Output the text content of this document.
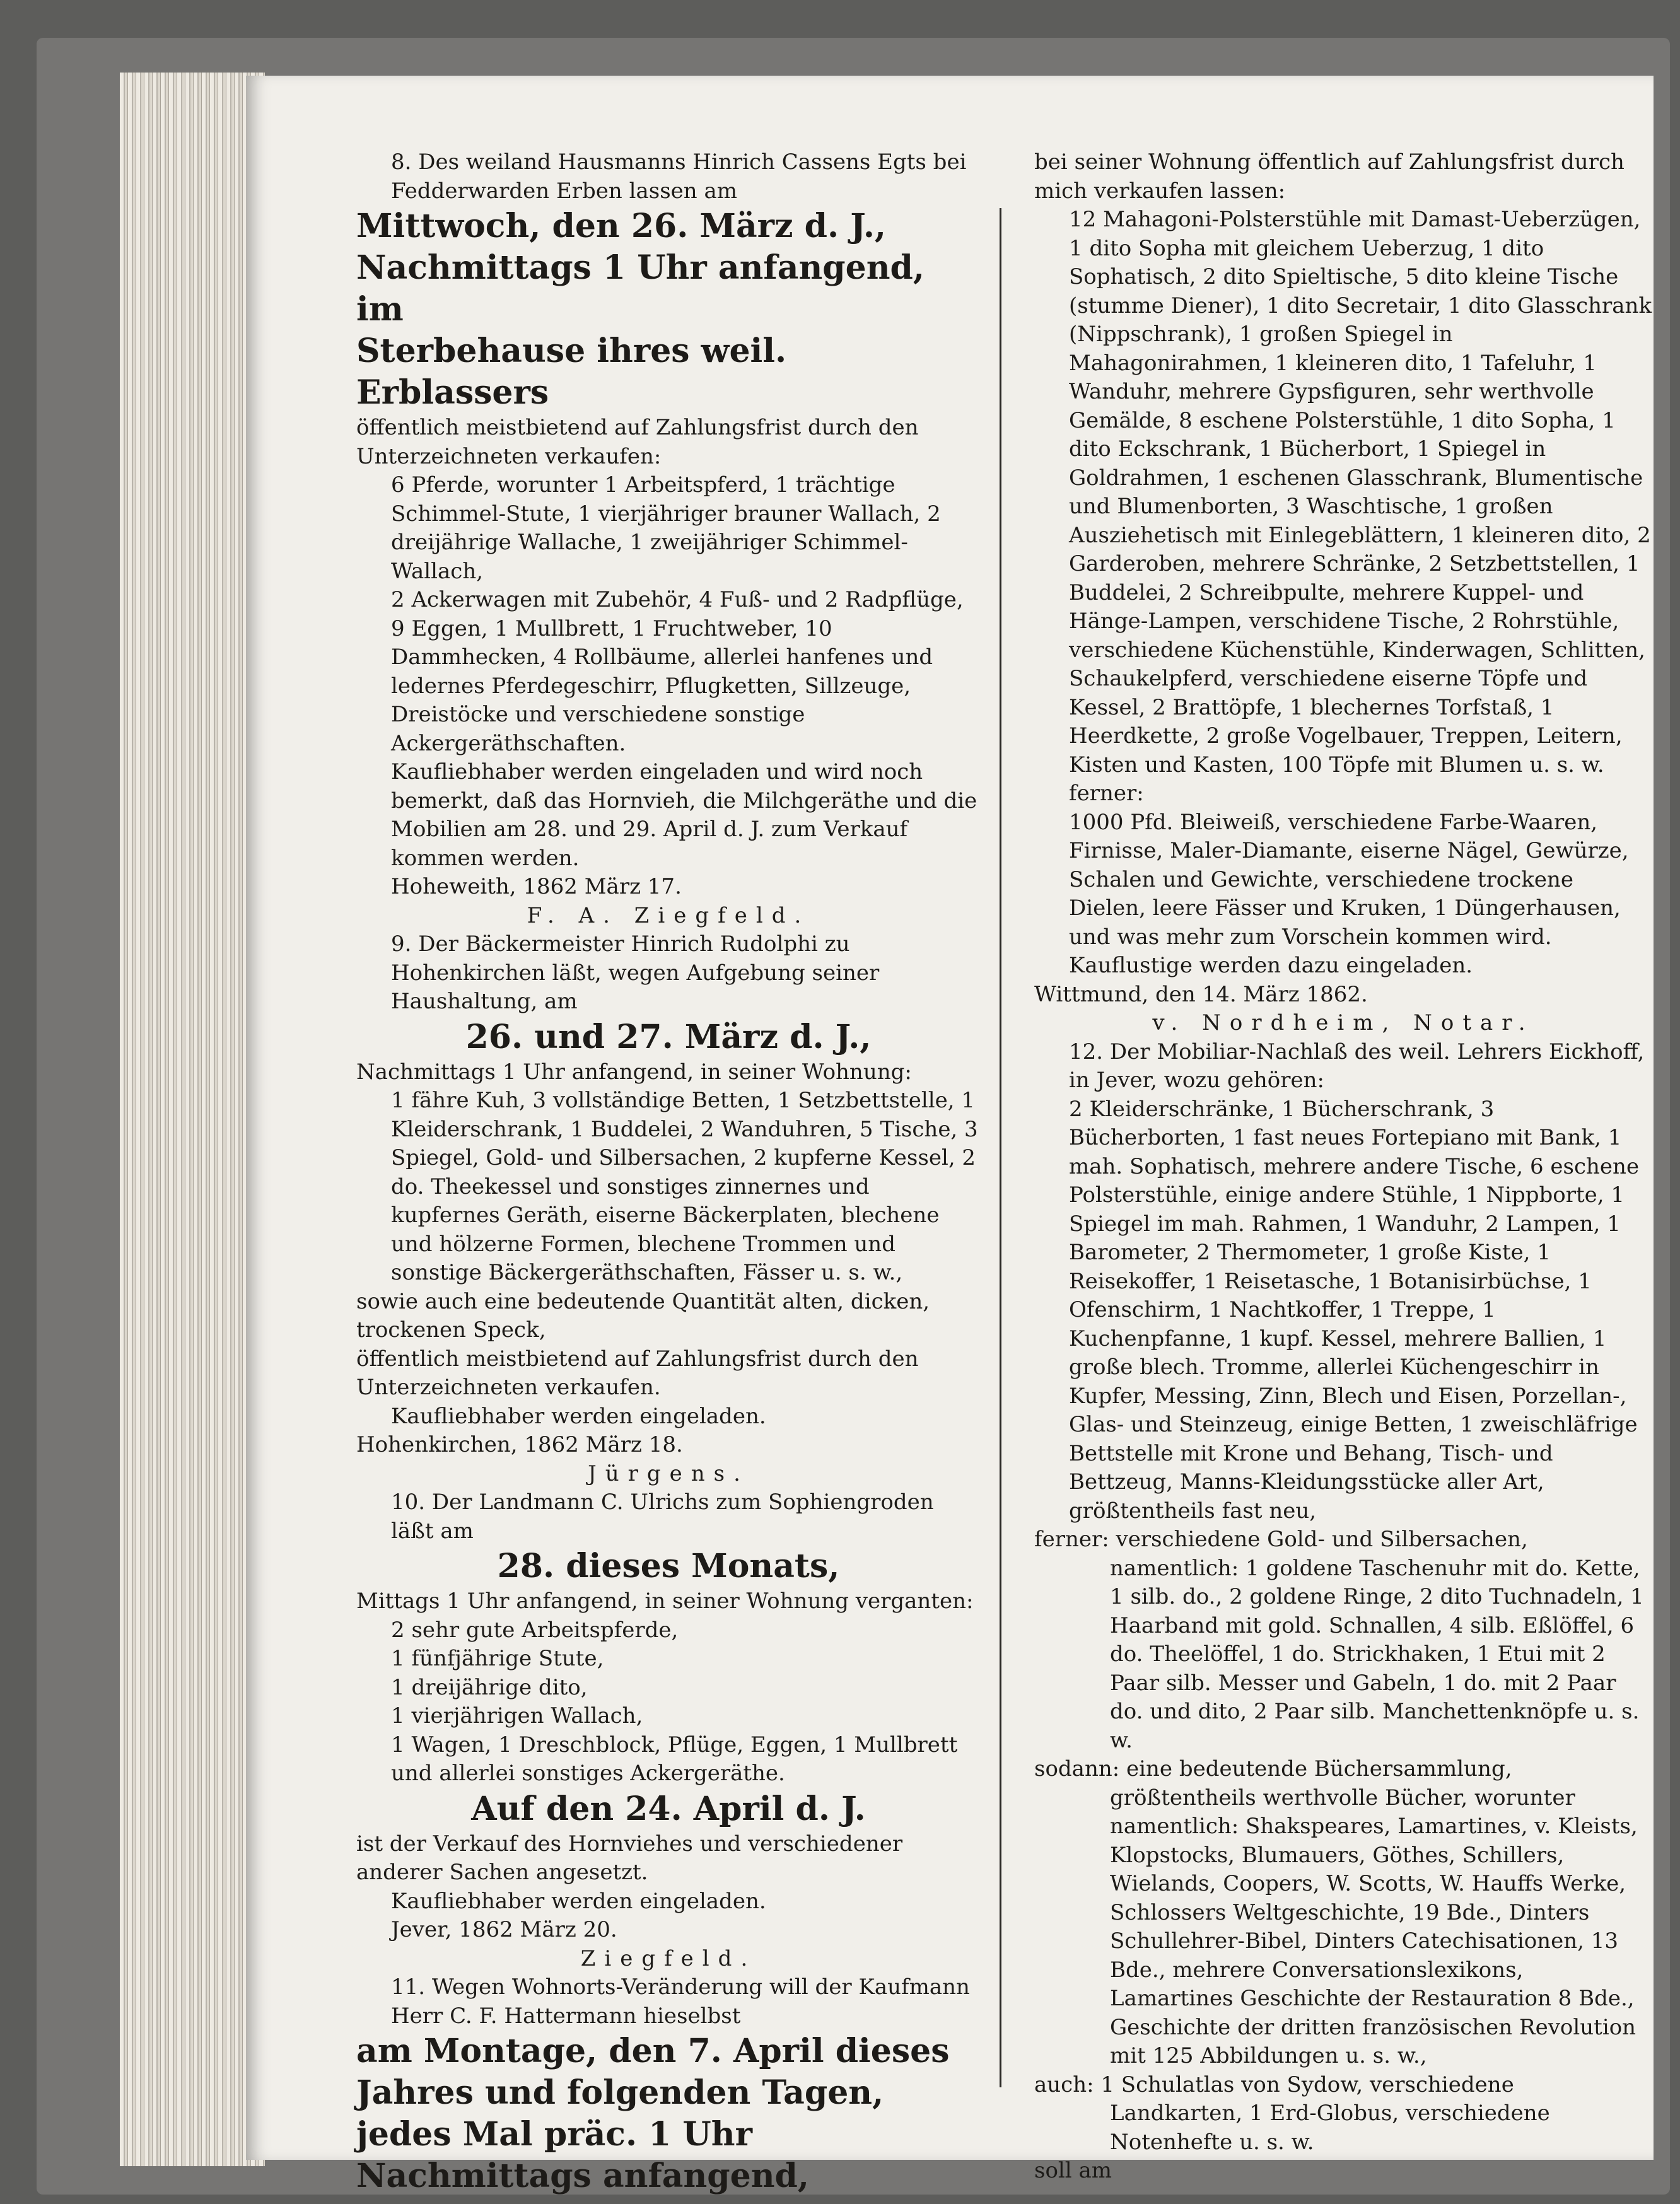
8. Des weiland Hausmanns Hinrich Cassens Egts bei Fedderwarden Erben lassen am

Mittwoch, den 26. März d. J.,

Nachmittags 1 Uhr anfangend, im

Sterbehause ihres weil. Erblassers

öffentlich meistbietend auf Zahlungsfrist durch den Unterzeichneten verkaufen:

6 Pferde, worunter 1 Arbeitspferd, 1 trächtige Schimmel-Stute, 1 vierjähriger brauner Wallach, 2 dreijährige Wallache, 1 zweijähriger Schimmel-Wallach,

2 Ackerwagen mit Zubehör, 4 Fuß- und 2 Radpflüge, 9 Eggen, 1 Mullbrett, 1 Fruchtweber, 10 Dammhecken, 4 Rollbäume, allerlei hanfenes und ledernes Pferdegeschirr, Pflugketten, Sillzeuge, Dreistöcke und verschiedene sonstige Ackergeräthschaften.

Kaufliebhaber werden eingeladen und wird noch bemerkt, daß das Hornvieh, die Milchgeräthe und die Mobilien am 28. und 29. April d. J. zum Verkauf kommen werden.

Hoheweith, 1862 März 17.

F. A. Ziegfeld.

9. Der Bäckermeister Hinrich Rudolphi zu Hohenkirchen läßt, wegen Aufgebung seiner Haushaltung, am

26. und 27. März d. J.,

Nachmittags 1 Uhr anfangend, in seiner Wohnung:

1 fähre Kuh, 3 vollständige Betten, 1 Setzbettstelle, 1 Kleiderschrank, 1 Buddelei, 2 Wanduhren, 5 Tische, 3 Spiegel, Gold- und Silbersachen, 2 kupferne Kessel, 2 do. Theekessel und sonstiges zinnernes und kupfernes Geräth, eiserne Bäckerplaten, blechene und hölzerne Formen, blechene Trommen und sonstige Bäckergeräthschaften, Fässer u. s. w.,

sowie auch eine bedeutende Quantität alten, dicken, trockenen Speck,

öffentlich meistbietend auf Zahlungsfrist durch den Unterzeichneten verkaufen.

Kaufliebhaber werden eingeladen.

Hohenkirchen, 1862 März 18.

Jürgens.

10. Der Landmann C. Ulrichs zum Sophiengroden läßt am

28. dieses Monats,

Mittags 1 Uhr anfangend, in seiner Wohnung verganten:

2 sehr gute Arbeitspferde,

1 fünfjährige Stute,

1 dreijährige dito,

1 vierjährigen Wallach,

1 Wagen, 1 Dreschblock, Pflüge, Eggen, 1 Mullbrett und allerlei sonstiges Ackergeräthe.

Auf den 24. April d. J.

ist der Verkauf des Hornviehes und verschiedener anderer Sachen angesetzt.

Kaufliebhaber werden eingeladen.

Jever, 1862 März 20.

Ziegfeld.

11. Wegen Wohnorts-Veränderung will der Kaufmann Herr C. F. Hattermann hieselbst

am Montage, den 7. April dieses Jahres und folgenden Tagen, jedes Mal präc. 1 Uhr Nachmittags anfangend,

bei seiner Wohnung öffentlich auf Zahlungsfrist durch mich verkaufen lassen:

12 Mahagoni-Polsterstühle mit Damast-Ueberzügen, 1 dito Sopha mit gleichem Ueberzug, 1 dito Sophatisch, 2 dito Spieltische, 5 dito kleine Tische (stumme Diener), 1 dito Secretair, 1 dito Glasschrank (Nippschrank), 1 großen Spiegel in Mahagonirahmen, 1 kleineren dito, 1 Tafeluhr, 1 Wanduhr, mehrere Gypsfiguren, sehr werthvolle Gemälde, 8 eschene Polsterstühle, 1 dito Sopha, 1 dito Eckschrank, 1 Bücherbort, 1 Spiegel in Goldrahmen, 1 eschenen Glasschrank, Blumentische und Blumenborten, 3 Waschtische, 1 großen Ausziehetisch mit Einlegeblättern, 1 kleineren dito, 2 Garderoben, mehrere Schränke, 2 Setzbettstellen, 1 Buddelei, 2 Schreibpulte, mehrere Kuppel- und Hänge-Lampen, verschidene Tische, 2 Rohrstühle, verschiedene Küchenstühle, Kinderwagen, Schlitten, Schaukelpferd, verschiedene eiserne Töpfe und Kessel, 2 Brattöpfe, 1 blechernes Torfstaß, 1 Heerdkette, 2 große Vogelbauer, Treppen, Leitern, Kisten und Kasten, 100 Töpfe mit Blumen u. s. w.

ferner:

1000 Pfd. Bleiweiß, verschiedene Farbe-Waaren, Firnisse, Maler-Diamante, eiserne Nägel, Gewürze, Schalen und Gewichte, verschiedene trockene Dielen, leere Fässer und Kruken, 1 Düngerhausen, und was mehr zum Vorschein kommen wird.

Kauflustige werden dazu eingeladen.

Wittmund, den 14. März 1862.

v. Nordheim, Notar.

12. Der Mobiliar-Nachlaß des weil. Lehrers Eickhoff, in Jever, wozu gehören:

2 Kleiderschränke, 1 Bücherschrank, 3 Bücherborten, 1 fast neues Fortepiano mit Bank, 1 mah. Sophatisch, mehrere andere Tische, 6 eschene Polsterstühle, einige andere Stühle, 1 Nippborte, 1 Spiegel im mah. Rahmen, 1 Wanduhr, 2 Lampen, 1 Barometer, 2 Thermometer, 1 große Kiste, 1 Reisekoffer, 1 Reisetasche, 1 Botanisirbüchse, 1 Ofenschirm, 1 Nachtkoffer, 1 Treppe, 1 Kuchenpfanne, 1 kupf. Kessel, mehrere Ballien, 1 große blech. Tromme, allerlei Küchengeschirr in Kupfer, Messing, Zinn, Blech und Eisen, Porzellan-, Glas- und Steinzeug, einige Betten, 1 zweischläfrige Bettstelle mit Krone und Behang, Tisch- und Bettzeug, Manns-Kleidungsstücke aller Art, größtentheils fast neu,

ferner: verschiedene Gold- und Silbersachen, namentlich: 1 goldene Taschenuhr mit do. Kette, 1 silb. do., 2 goldene Ringe, 2 dito Tuchnadeln, 1 Haarband mit gold. Schnallen, 4 silb. Eßlöffel, 6 do. Theelöffel, 1 do. Strickhaken, 1 Etui mit 2 Paar silb. Messer und Gabeln, 1 do. mit 2 Paar do. und dito, 2 Paar silb. Manchettenknöpfe u. s. w.

sodann: eine bedeutende Büchersammlung, größtentheils werthvolle Bücher, worunter namentlich: Shakspeares, Lamartines, v. Kleists, Klopstocks, Blumauers, Göthes, Schillers, Wielands, Coopers, W. Scotts, W. Hauffs Werke, Schlossers Weltgeschichte, 19 Bde., Dinters Schullehrer-Bibel, Dinters Catechisationen, 13 Bde., mehrere Conversationslexikons, Lamartines Geschichte der Restauration 8 Bde., Geschichte der dritten französischen Revolution mit 125 Abbildungen u. s. w.,

auch: 1 Schulatlas von Sydow, verschiedene Landkarten, 1 Erd-Globus, verschiedene Notenhefte u. s. w.

soll am
